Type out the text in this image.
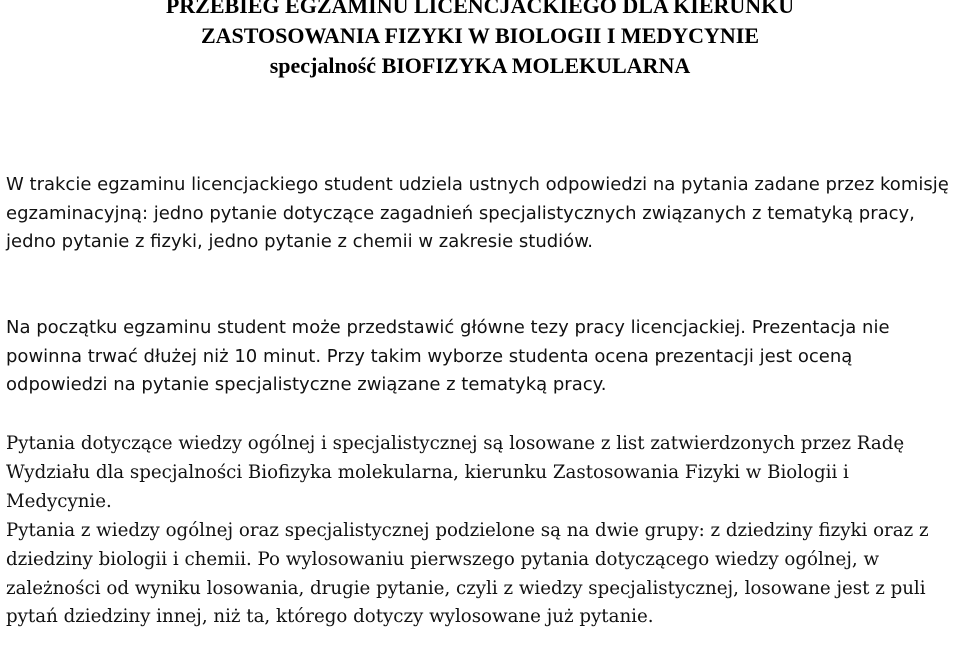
PRZEBIEG EGZAMINU LICENCJACKIEGO DLA KIERUNKU
ZASTOSOWANIA FIZYKI W BIOLOGII I MEDYCYNIE
specjalność BIOFIZYKA MOLEKULARNA

W trakcie egzaminu licencjackiego student udziela ustnych odpowiedzi na pytania zadane przez komisję egzaminacyjną: jedno pytanie dotyczące zagadnień specjalistycznych związanych z tematyką pracy, jedno pytanie z fizyki, jedno pytanie z chemii w zakresie studiów.

Na początku egzaminu student może przedstawić główne tezy pracy licencjackiej. Prezentacja nie powinna trwać dłużej niż 10 minut. Przy takim wyborze studenta ocena prezentacji jest oceną odpowiedzi na pytanie specjalistyczne związane z tematyką pracy.

Pytania dotyczące wiedzy ogólnej i specjalistycznej są losowane z list zatwierdzonych przez Radę Wydziału dla specjalności Biofizyka molekularna, kierunku Zastosowania Fizyki w Biologii i Medycynie.

Pytania z wiedzy ogólnej oraz specjalistycznej podzielone są na dwie grupy: z dziedziny fizyki oraz z dziedziny biologii i chemii. Po wylosowaniu pierwszego pytania dotyczącego wiedzy ogólnej, w zależności od wyniku losowania, drugie pytanie, czyli z wiedzy specjalistycznej, losowane jest z puli pytań dziedziny innej, niż ta, którego dotyczy wylosowane już pytanie.
